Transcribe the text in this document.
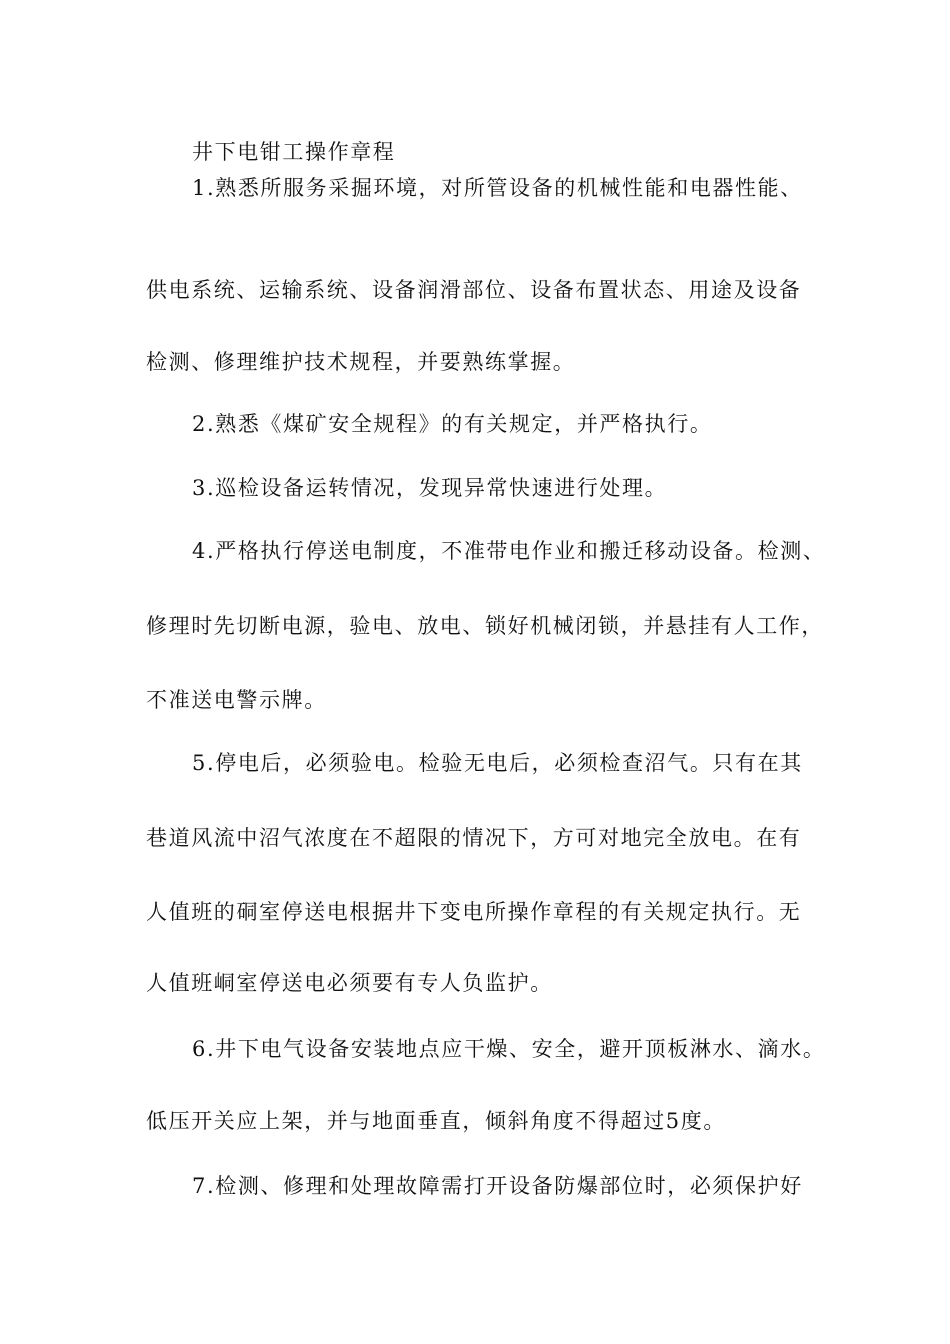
井下电钳工操作章程
1.熟悉所服务采掘环境，对所管设备的机械性能和电器性能、
供电系统、运输系统、设备润滑部位、设备布置状态、用途及设备
检测、修理维护技术规程，并要熟练掌握。
2.熟悉《煤矿安全规程》的有关规定，并严格执行。
3.巡检设备运转情况，发现异常快速进行处理。
4.严格执行停送电制度，不准带电作业和搬迁移动设备。检测、
修理时先切断电源，验电、放电、锁好机械闭锁，并悬挂有人工作，
不准送电警示牌。
5.停电后，必须验电。检验无电后，必须检查沼气。只有在其
巷道风流中沼气浓度在不超限的情况下，方可对地完全放电。在有
人值班的硐室停送电根据井下变电所操作章程的有关规定执行。无
人值班峒室停送电必须要有专人负监护。
6.井下电气设备安装地点应干燥、安全，避开顶板淋水、滴水。
低压开关应上架，并与地面垂直，倾斜角度不得超过5度。
7.检测、修理和处理故障需打开设备防爆部位时，必须保护好
